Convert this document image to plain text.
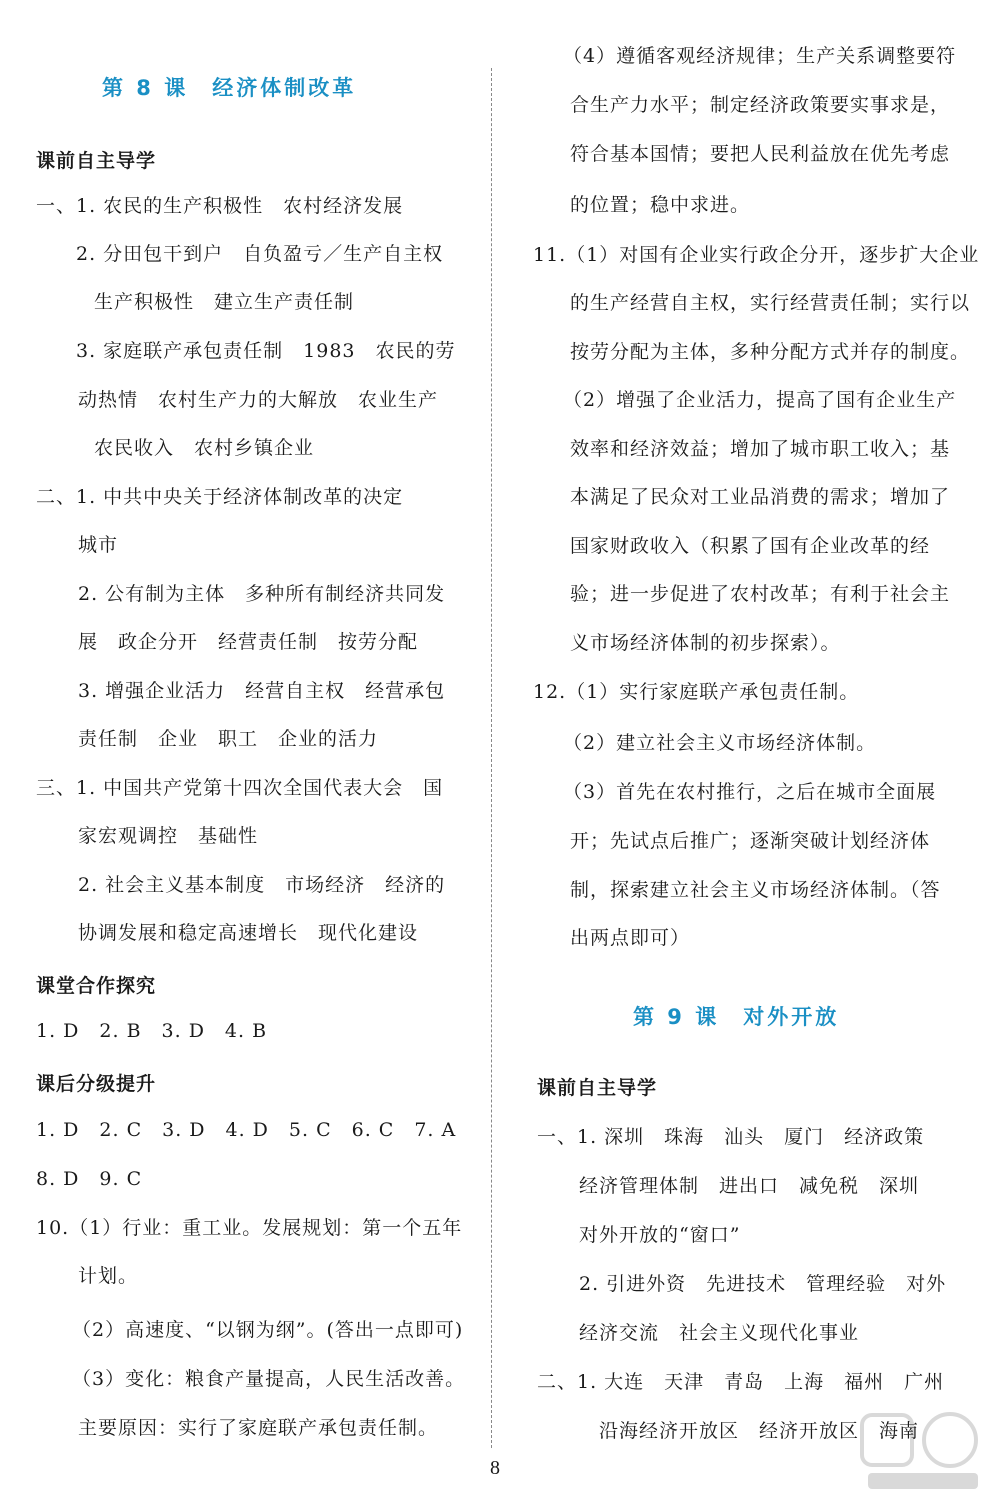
第 8 课　经济体制改革
课前自主导学
一、1. 农民的生产积极性　农村经济发展
2. 分田包干到户　自负盈亏／生产自主权
生产积极性　建立生产责任制
3. 家庭联产承包责任制　1983　农民的劳
动热情　农村生产力的大解放　农业生产
农民收入　农村乡镇企业
二、1. 中共中央关于经济体制改革的决定
城市
2. 公有制为主体　多种所有制经济共同发
展　政企分开　经营责任制　按劳分配
3. 增强企业活力　经营自主权　经营承包
责任制　企业　职工　企业的活力
三、1. 中国共产党第十四次全国代表大会　国
家宏观调控　基础性
2. 社会主义基本制度　市场经济　经济的
协调发展和稳定高速增长　现代化建设
课堂合作探究
1. D　2. B　3. D　4. B
课后分级提升
1. D　2. C　3. D　4. D　5. C　6. C　7. A
8. D　9. C
10.（1）行业：重工业。发展规划：第一个五年
计划。
（2）高速度、“以钢为纲”。(答出一点即可)
（3）变化：粮食产量提高，人民生活改善。
主要原因：实行了家庭联产承包责任制。
（4）遵循客观经济规律；生产关系调整要符
合生产力水平；制定经济政策要实事求是，
符合基本国情；要把人民利益放在优先考虑
的位置；稳中求进。
11.（1）对国有企业实行政企分开，逐步扩大企业
的生产经营自主权，实行经营责任制；实行以
按劳分配为主体，多种分配方式并存的制度。
（2）增强了企业活力，提高了国有企业生产
效率和经济效益；增加了城市职工收入；基
本满足了民众对工业品消费的需求；增加了
国家财政收入（积累了国有企业改革的经
验；进一步促进了农村改革；有利于社会主
义市场经济体制的初步探索）。
12.（1）实行家庭联产承包责任制。
（2）建立社会主义市场经济体制。
（3）首先在农村推行，之后在城市全面展
开；先试点后推广；逐渐突破计划经济体
制，探索建立社会主义市场经济体制。（答
出两点即可）
第 9 课　对外开放
课前自主导学
一、1. 深圳　珠海　汕头　厦门　经济政策
经济管理体制　进出口　减免税　深圳
对外开放的“窗口”
2. 引进外资　先进技术　管理经验　对外
经济交流　社会主义现代化事业
二、1. 大连　天津　青岛　上海　福州　广州
沿海经济开放区　经济开放区　海南
8
